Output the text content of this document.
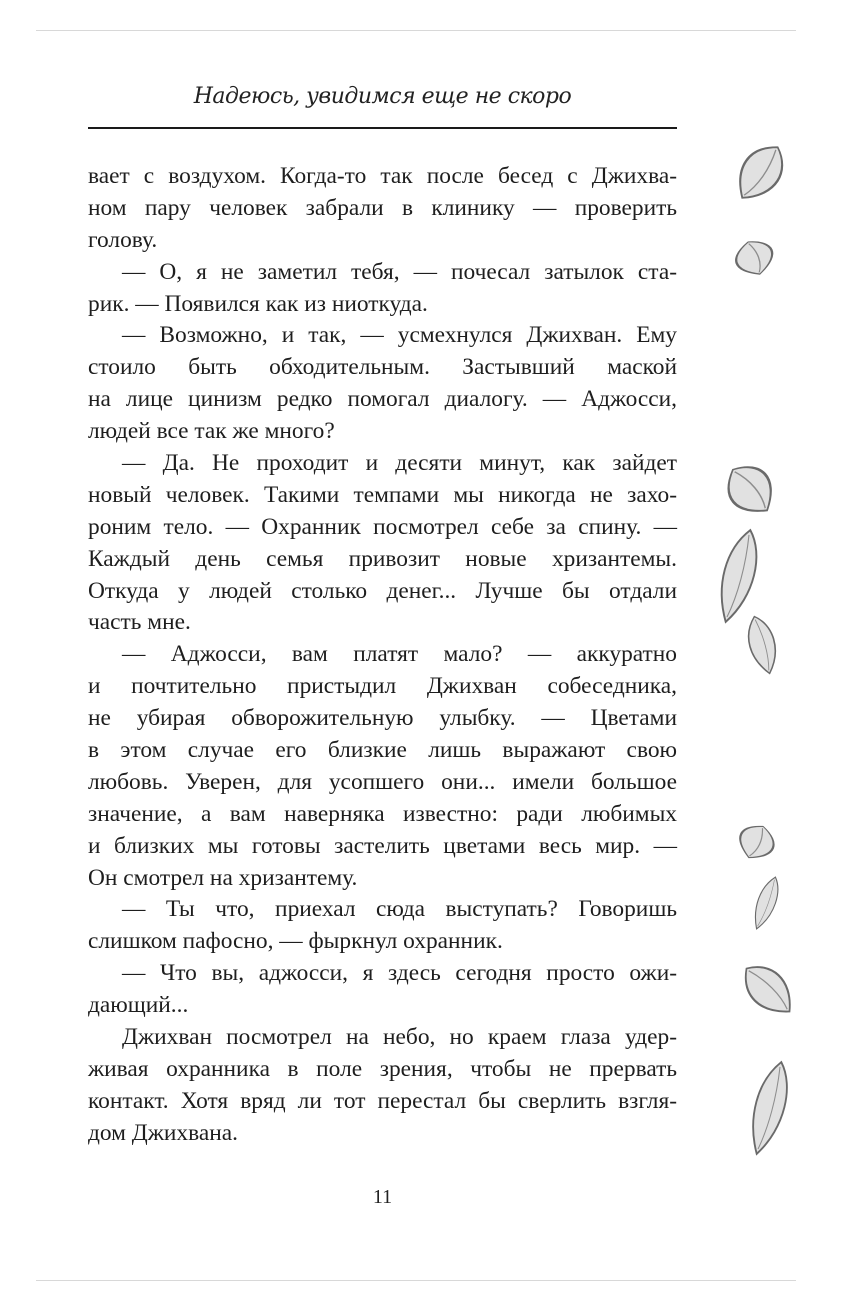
Надеюсь, увидимся еще не скоро
вает с воздухом. Когда-то так после бесед с Джихва-
ном пару человек забрали в клинику — проверить
голову.
— О, я не заметил тебя, — почесал затылок ста-
рик. — Появился как из ниоткуда.
— Возможно, и так, — усмехнулся Джихван. Ему
стоило быть обходительным. Застывший маской
на лице цинизм редко помогал диалогу. — Аджосси,
людей все так же много?
— Да. Не проходит и десяти минут, как зайдет
новый человек. Такими темпами мы никогда не захо-
роним тело. — Охранник посмотрел себе за спину. —
Каждый день семья привозит новые хризантемы.
Откуда у людей столько денег... Лучше бы отдали
часть мне.
— Аджосси, вам платят мало? — аккуратно
и почтительно пристыдил Джихван собеседника,
не убирая обворожительную улыбку. — Цветами
в этом случае его близкие лишь выражают свою
любовь. Уверен, для усопшего они... имели большое
значение, а вам наверняка известно: ради любимых
и близких мы готовы застелить цветами весь мир. —
Он смотрел на хризантему.
— Ты что, приехал сюда выступать? Говоришь
слишком пафосно, — фыркнул охранник.
— Что вы, аджосси, я здесь сегодня просто ожи-
дающий...
Джихван посмотрел на небо, но краем глаза удер-
живая охранника в поле зрения, чтобы не прервать
контакт. Хотя вряд ли тот перестал бы сверлить взгля-
дом Джихвана.
11
